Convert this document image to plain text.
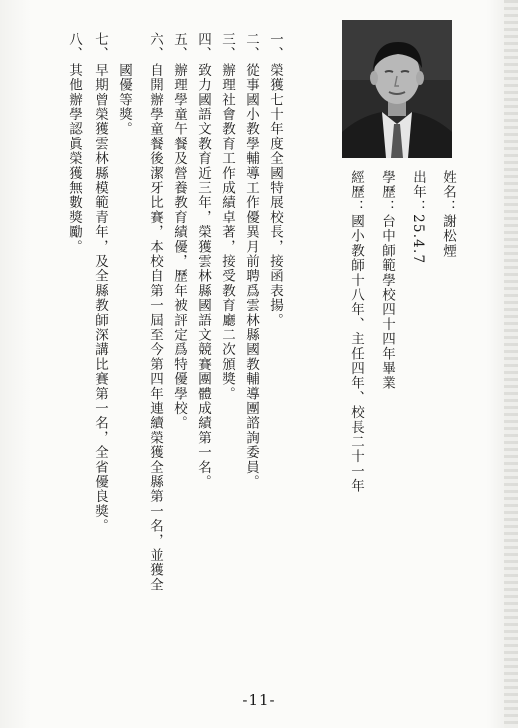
姓名：謝松煙
出年：25.4.7
學歷：台中師範學校四十四年畢業
經歷：國小教師十八年、主任四年、校長二十一年
一、
榮獲七十年度全國特展校長，接函表揚。
二、
從事國小教學輔導工作優異月前聘爲雲林縣國教輔導團諮詢委員。
三、
辦理社會教育工作成績卓著，接受教育廳二次頒獎。
四、
致力國語文教育近三年，榮獲雲林縣國語文競賽團體成績第一名。
五、
辦理學童午餐及營養教育績優，歷年被評定爲特優學校。
六、
自開辦學童餐後潔牙比賽，本校自第一屆至今第四年連續榮獲全縣第一名，並獲全
國優等獎。
七、
早期曾榮獲雲林縣模範青年，及全縣教師深講比賽第一名，全省優良獎。
八、
其他辦學認眞榮獲無數獎勵。
-11-
